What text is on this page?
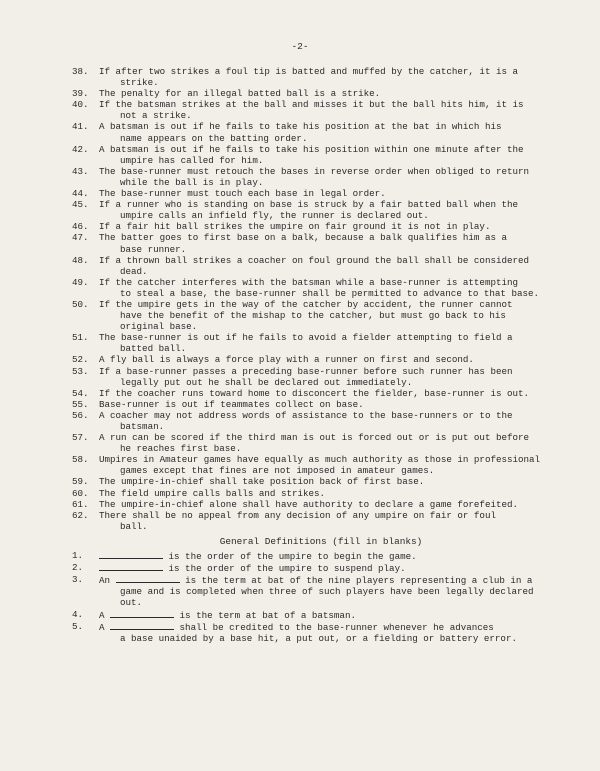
-2-
38.	If after two strikes a foul tip is batted and muffed by the catcher, it is a
strike.
39.	The penalty for an illegal batted ball is a strike.
40.	If the batsman strikes at the ball and misses it but the ball hits him, it is
not a strike.
41.	A batsman is out if he fails to take his position at the bat in which his
name appears on the batting order.
42.	A batsman is out if he fails to take his position within one minute after the
umpire has called for him.
43.	The base-runner must retouch the bases in reverse order when obliged to return
while the ball is in play.
44.	The base-runner must touch each base in legal order.
45.	If a runner who is standing on base is struck by a fair batted ball when the
umpire calls an infield fly, the runner is declared out.
46.	If a fair hit ball strikes the umpire on fair ground it is not in play.
47.	The batter goes to first base on a balk, because a balk qualifies him as a
base runner.
48.	If a thrown ball strikes a coacher on foul ground the ball shall be considered
dead.
49.	If the catcher interferes with the batsman while a base-runner is attempting
to steal a base, the base-runner shall be permitted to advance to that base.
50.	If the umpire gets in the way of the catcher by accident, the runner cannot
have the benefit of the mishap to the catcher, but must go back to his
original base.
51.	The base-runner is out if he fails to avoid a fielder attempting to field a
batted ball.
52.	A fly ball is always a force play with a runner on first and second.
53.	If a base-runner passes a preceding base-runner before such runner has been
legally put out he shall be declared out immediately.
54.	If the coacher runs toward home to disconcert the fielder, base-runner is out.
55.	Base-runner is out if teammates collect on base.
56.	A coacher may not address words of assistance to the base-runners or to the
batsman.
57.	A run can be scored if the third man is out is forced out or is put out before
he reaches first base.
58.	Umpires in Amateur games have equally as much authority as those in professional
games except that fines are not imposed in amateur games.
59.	The umpire-in-chief shall take position back of first base.
60.	The field umpire calls balls and strikes.
61.	The umpire-in-chief alone shall have authority to declare a game forefeited.
62.	There shall be no appeal from any decision of any umpire on fair or foul
ball.
General Definitions (fill in blanks)
1.	is the order of the umpire to begin the game.
2.	is the order of the umpire to suspend play.
3.	An	is the term at bat of the nine players representing a club in a
game and is completed when three of such players have been legally declared
out.
4.	A	is the term at bat of a batsman.
5.	A	shall be credited to the base-runner whenever he advances
a base unaided by a base hit, a put out, or a fielding or battery error.
